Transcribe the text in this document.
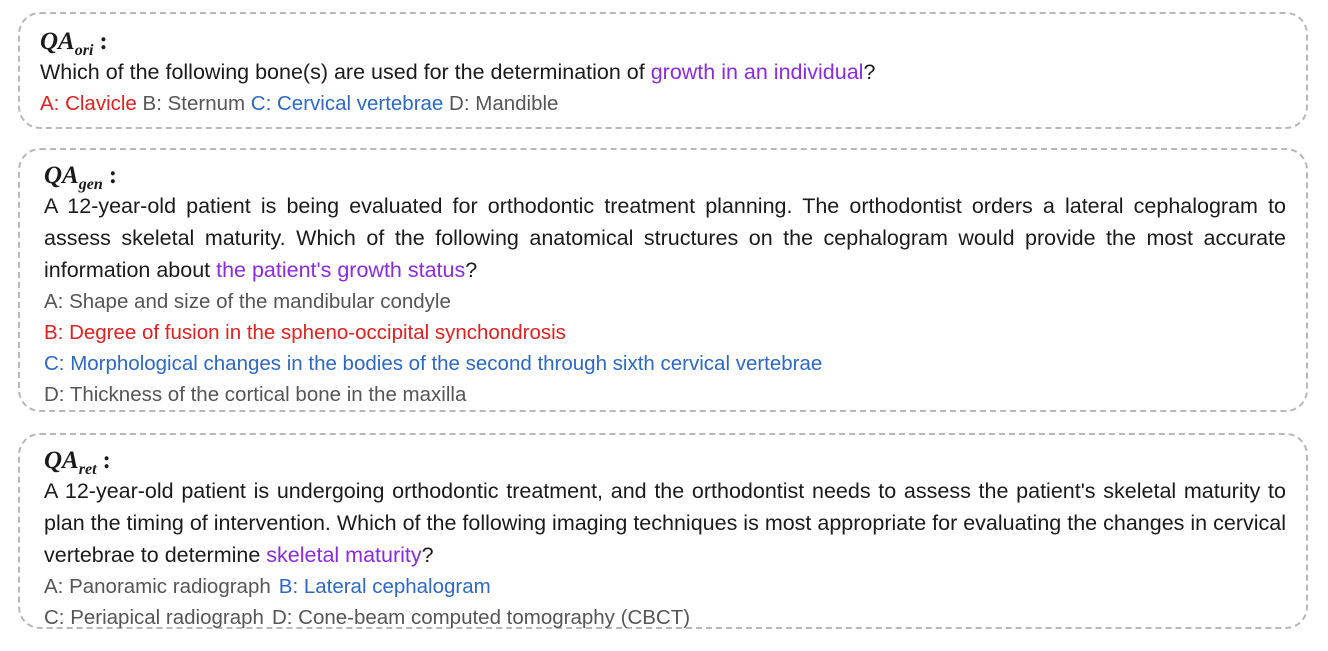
$QA_{ori}$ :
Which of the following bone(s) are used for the determination of growth in an individual?
A: Clavicle B: Sternum C: Cervical vertebrae D: Mandible
$QA_{gen}$ :
A 12-year-old patient is being evaluated for orthodontic treatment planning. The orthodontist orders a lateral cephalogram to assess skeletal maturity. Which of the following anatomical structures on the cephalogram would provide the most accurate information about the patient's growth status?
A: Shape and size of the mandibular condyle
B: Degree of fusion in the spheno-occipital synchondrosis
C: Morphological changes in the bodies of the second through sixth cervical vertebrae
D: Thickness of the cortical bone in the maxilla
$QA_{ret}$ :
A 12-year-old patient is undergoing orthodontic treatment, and the orthodontist needs to assess the patient's skeletal maturity to plan the timing of intervention. Which of the following imaging techniques is most appropriate for evaluating the changes in cervical vertebrae to determine skeletal maturity?
A: Panoramic radiograph B: Lateral cephalogram
C: Periapical radiograph D: Cone-beam computed tomography (CBCT)
